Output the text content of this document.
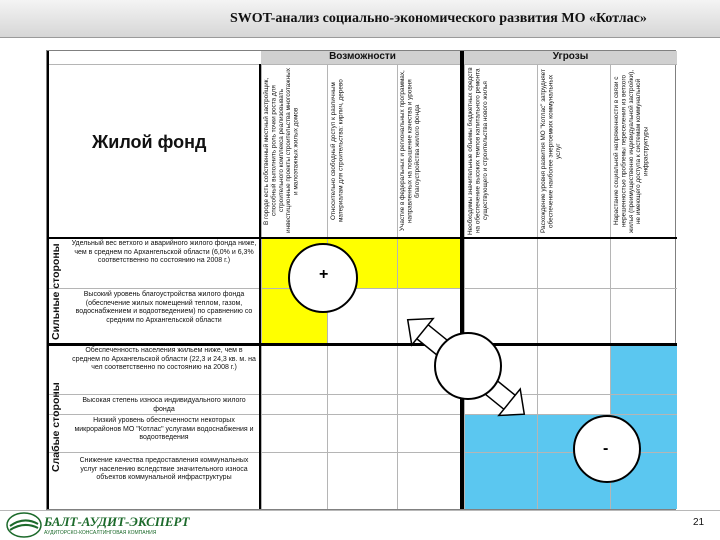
SWOT-анализ социально-экономического развития МО «Котлас»
Возможности	Угрозы
В городе есть собственный местный застройщик, способный выполнить роль точки роста для строительного комплекса реализовывать инвестиционные проекты строительства многоэтажных и малоэтажных жилых домов	Относительно свободный доступ к различным материалам для строительства: кирпич, дерево	Участие в федеральных и региональных программах, направленных на повышение качества и уровня благоустройства жилого фонда	Необходимы значительные объемы бюджетных средств на обеспечение высоких темпов капитального ремонта существующего и строительства нового жилья	Расхождение уровня развития МО "Котлас" затрудняет обеспечение наиболее энергоемких коммунальных услуг	Нарастание социальной напряженности в связи с нерешенностью проблемы переселения из ветхого жилья (преимущественно индивидуальной застройки), не имеющего доступа к системам коммунальной инфраструктуры
Сильные стороны
Слабые стороны
Удельный вес ветхого и аварийного жилого фонда ниже, чем в среднем по Архангельской области (6,0% и 6,3% соответственно по состоянию на 2008 г.)
Высокий уровень благоустройства жилого фонда (обеспечение жилых помещений теплом, газом, водоснабжением и водоотведением) по сравнению со средним по Архангельской области
Обеспеченность населения жильем ниже, чем в среднем по Архангельской области (22,3 и 24,3 кв. м. на чел соответственно по состоянию на 2008 г.)
Высокая степень износа индивидуального жилого фонда
Низкий уровень обеспеченности некоторых микрорайонов МО "Котлас" услугами водоснабжения и водоотведения
Снижение качества предоставления коммунальных услуг населению вследствие значительного износа объектов коммунальной инфраструктуры
Жилой фонд
+
-
БАЛТ-АУДИТ-ЭКСПЕРТ
АУДИТОРСКО-КОНСАЛТИНГОВАЯ КОМПАНИЯ
21
